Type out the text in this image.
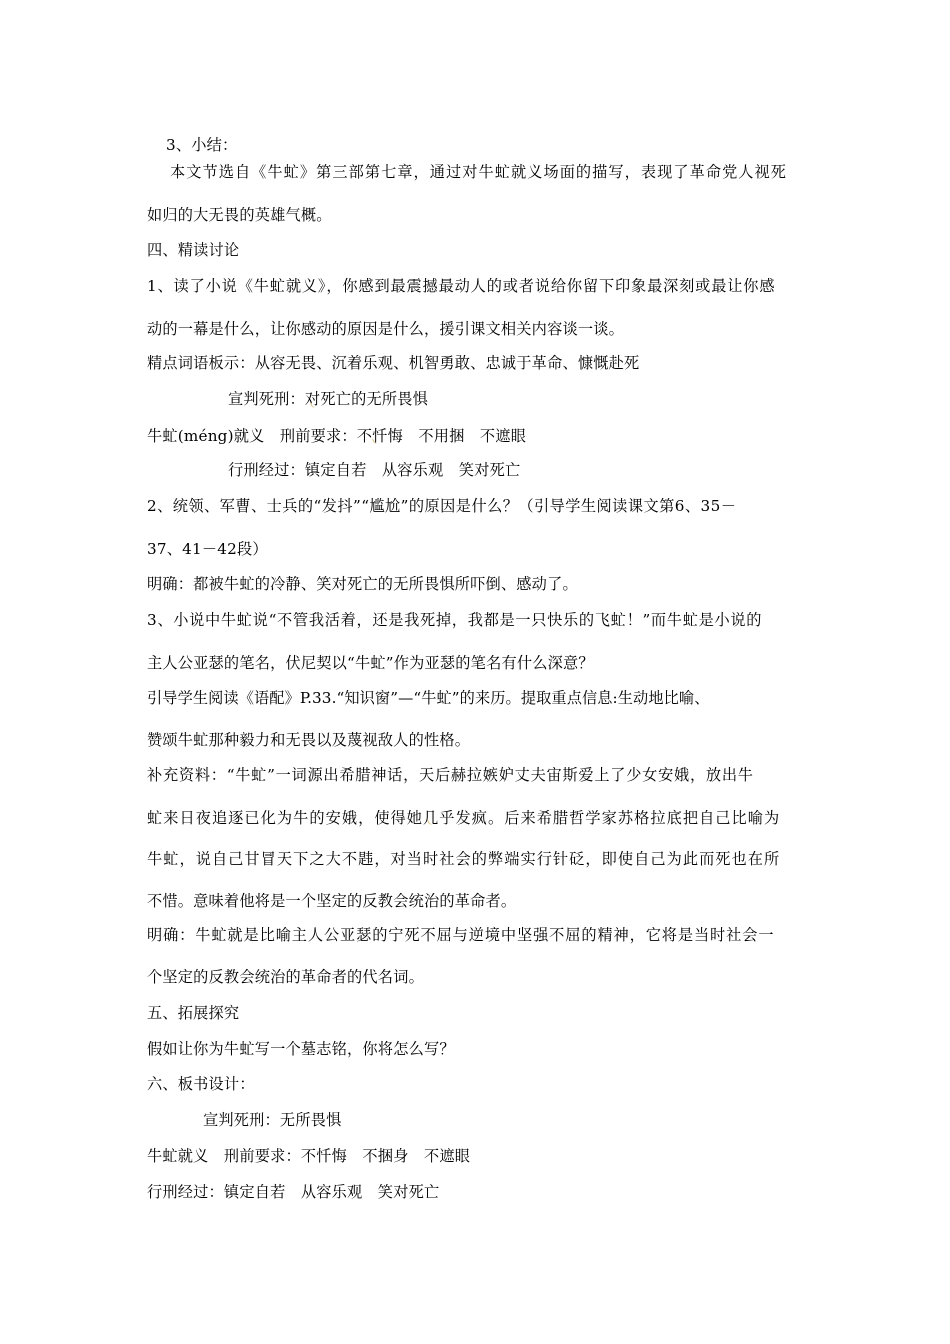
3、小结：
本文节选自《牛虻》第三部第七章，通过对牛虻就义场面的描写，表现了革命党人视死
如归的大无畏的英雄气概。
四、精读讨论
1、读了小说《牛虻就义》，你感到最震撼最动人的或者说给你留下印象最深刻或最让你感
动的一幕是什么，让你感动的原因是什么，援引课文相关内容谈一谈。
精点词语板示：从容无畏、沉着乐观、机智勇敢、忠诚于革命、慷慨赴死
宣判死刑：对死亡的无所畏惧
牛虻(méng)就义　刑前要求：不忏悔　不用捆　不遮眼
行刑经过：镇定自若　从容乐观　笑对死亡
2、统领、军曹、士兵的“发抖”“尴尬”的原因是什么？（引导学生阅读课文第6、35－
37、41－42段）
明确：都被牛虻的冷静、笑对死亡的无所畏惧所吓倒、感动了。
3、小说中牛虻说“不管我活着，还是我死掉，我都是一只快乐的飞虻！”而牛虻是小说的
主人公亚瑟的笔名，伏尼契以“牛虻”作为亚瑟的笔名有什么深意？
引导学生阅读《语配》P.33.“知识窗”—“牛虻”的来历。提取重点信息:生动地比喻、
赞颂牛虻那种毅力和无畏以及蔑视敌人的性格。
补充资料：“牛虻”一词源出希腊神话，天后赫拉嫉妒丈夫宙斯爱上了少女安娥，放出牛
虻来日夜追逐已化为牛的安娥，使得她几乎发疯。后来希腊哲学家苏格拉底把自己比喻为
牛虻，说自己甘冒天下之大不韪，对当时社会的弊端实行针砭，即使自己为此而死也在所
不惜。意味着他将是一个坚定的反教会统治的革命者。
明确：牛虻就是比喻主人公亚瑟的宁死不屈与逆境中坚强不屈的精神，它将是当时社会一
个坚定的反教会统治的革命者的代名词。
五、拓展探究
假如让你为牛虻写一个墓志铭，你将怎么写？
六、板书设计：
宣判死刑：无所畏惧
牛虻就义　刑前要求：不忏悔　不捆身　不遮眼
行刑经过：镇定自若　从容乐观　笑对死亡
